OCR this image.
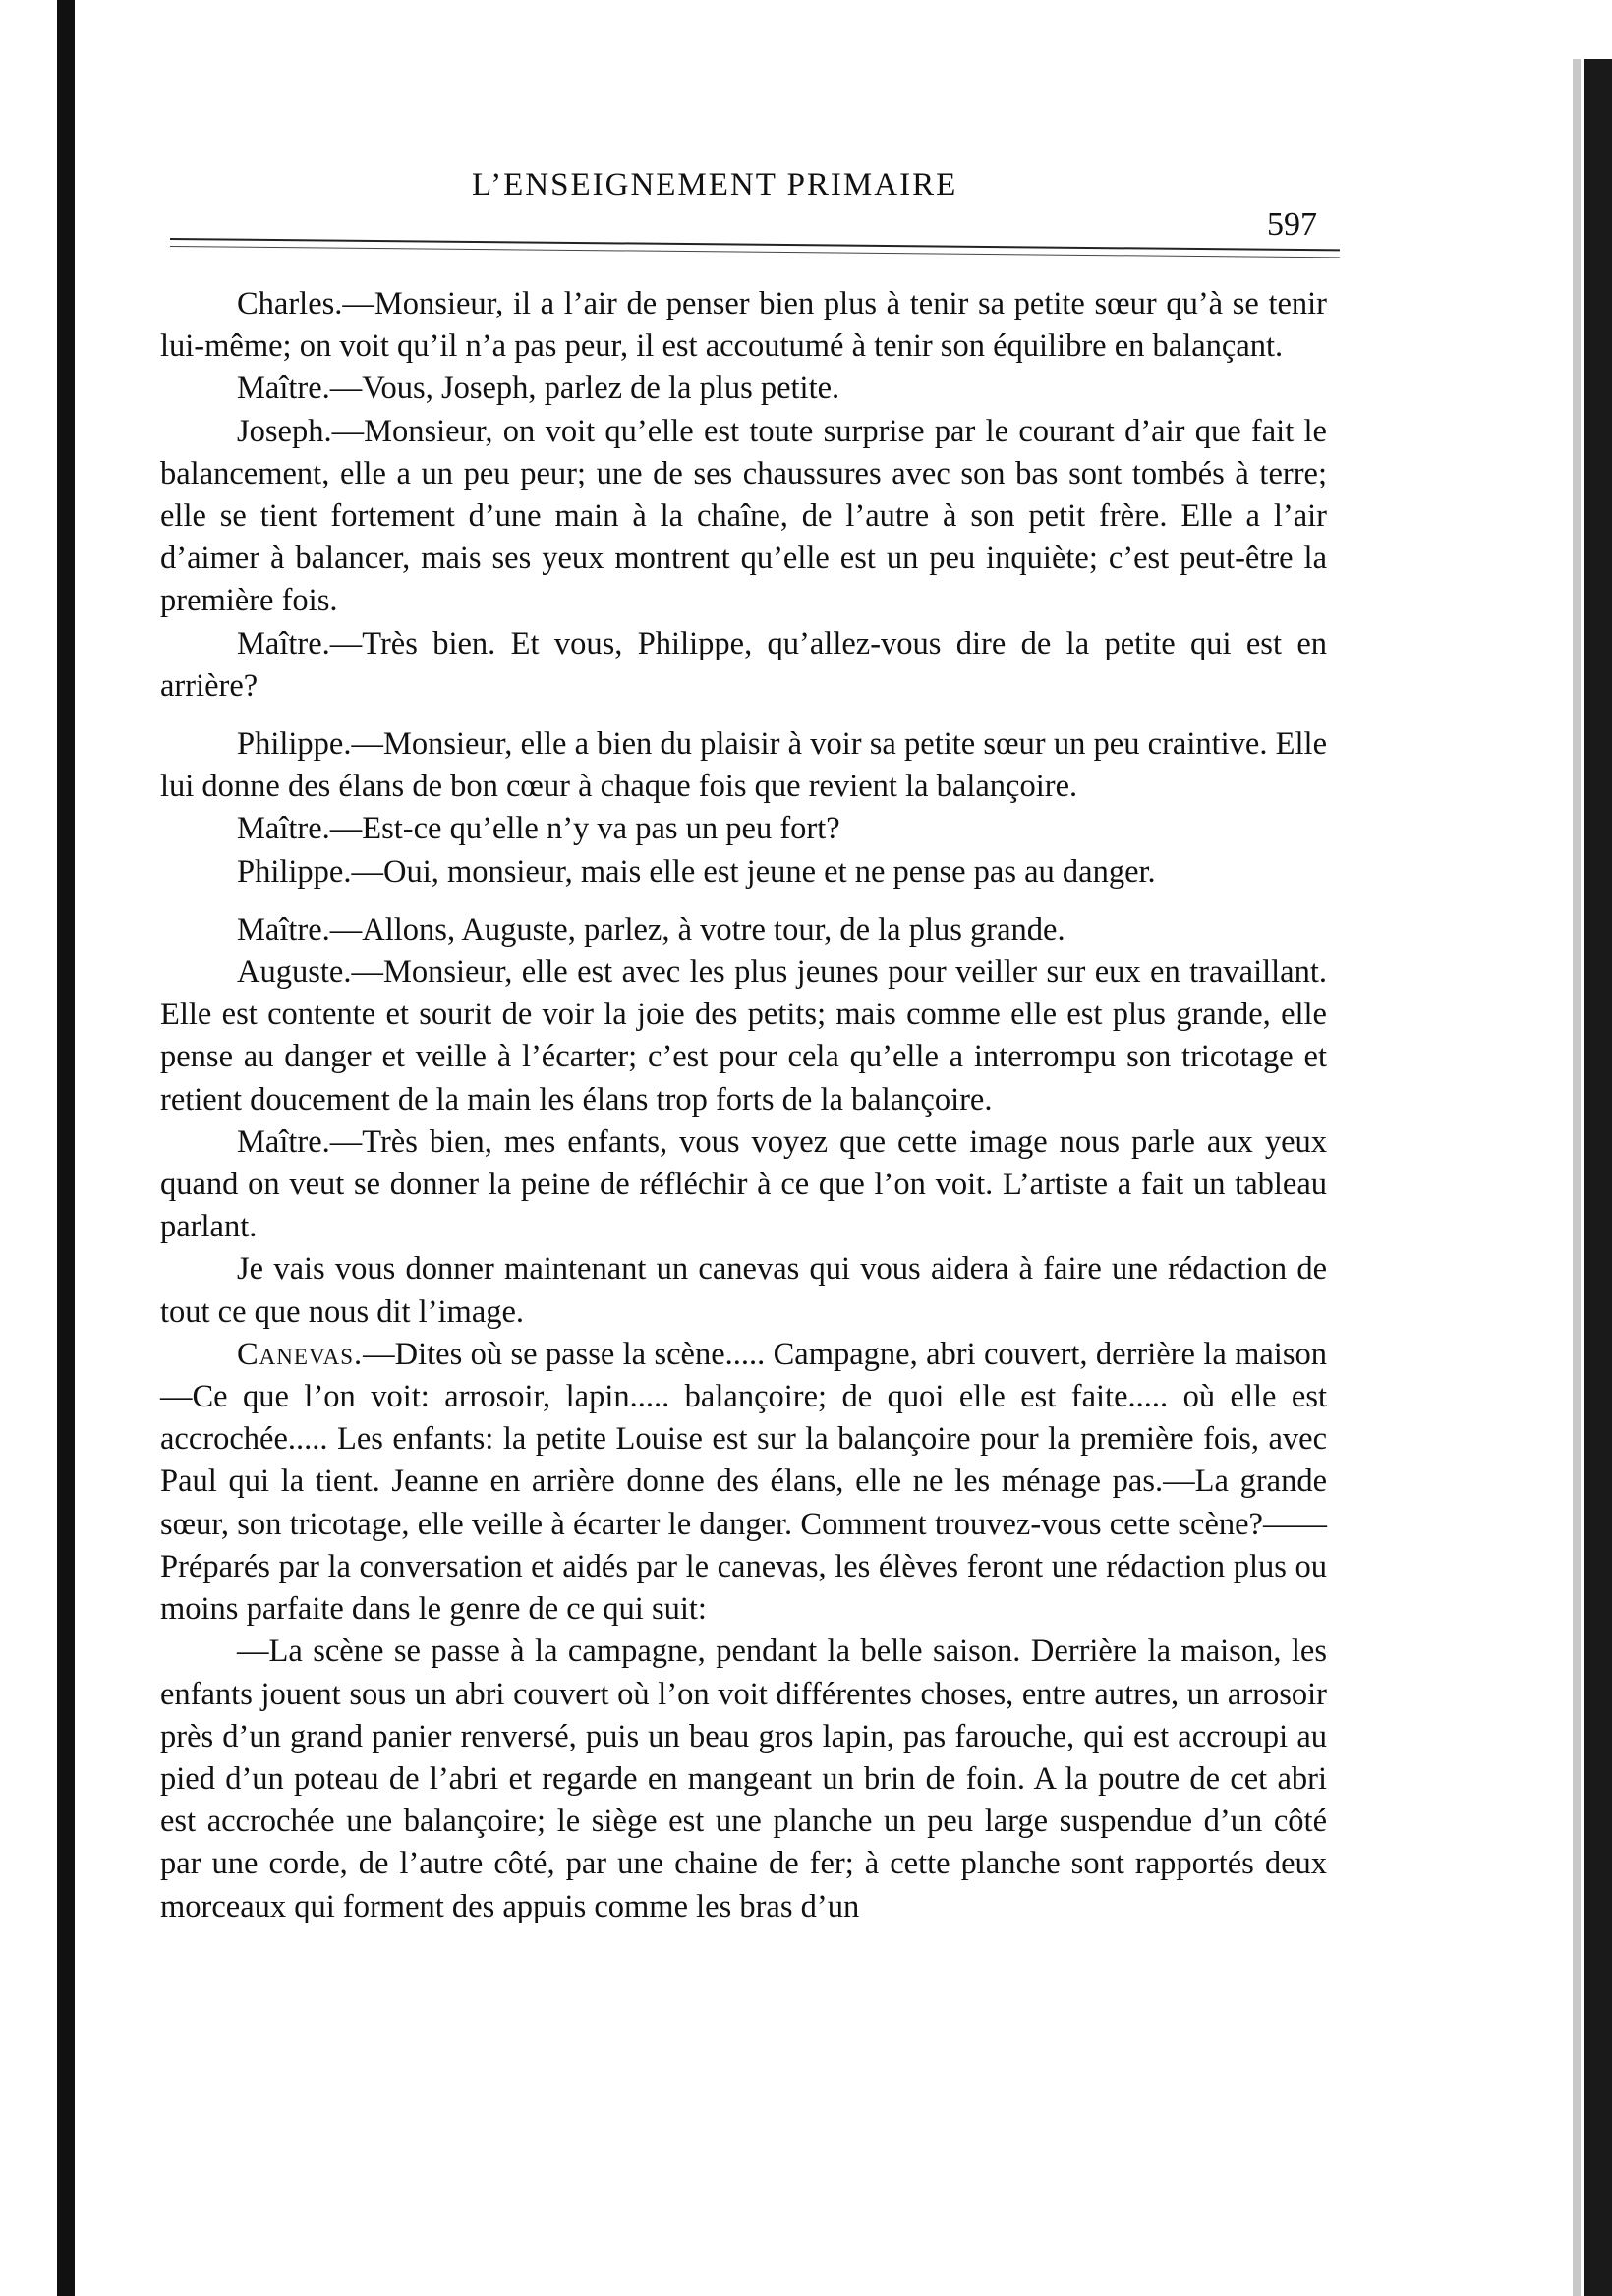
L’ENSEIGNEMENT PRIMAIRE
597

Charles.—Monsieur, il a l’air de penser bien plus à tenir sa petite sœur qu’à se tenir lui-même; on voit qu’il n’a pas peur, il est accoutumé à tenir son équilibre en balançant.

Maître.—Vous, Joseph, parlez de la plus petite.

Joseph.—Monsieur, on voit qu’elle est toute surprise par le courant d’air que fait le balancement, elle a un peu peur; une de ses chaussures avec son bas sont tombés à terre; elle se tient fortement d’une main à la chaîne, de l’autre à son petit frère. Elle a l’air d’aimer à balancer, mais ses yeux montrent qu’elle est un peu inquiète; c’est peut-être la première fois.

Maître.—Très bien. Et vous, Philippe, qu’allez-vous dire de la petite qui est en arrière?

Philippe.—Monsieur, elle a bien du plaisir à voir sa petite sœur un peu craintive. Elle lui donne des élans de bon cœur à chaque fois que revient la balançoire.

Maître.—Est-ce qu’elle n’y va pas un peu fort?

Philippe.—Oui, monsieur, mais elle est jeune et ne pense pas au danger.

Maître.—Allons, Auguste, parlez, à votre tour, de la plus grande.

Auguste.—Monsieur, elle est avec les plus jeunes pour veiller sur eux en travaillant. Elle est contente et sourit de voir la joie des petits; mais comme elle est plus grande, elle pense au danger et veille à l’écarter; c’est pour cela qu’elle a interrompu son tricotage et retient doucement de la main les élans trop forts de la balançoire.

Maître.—Très bien, mes enfants, vous voyez que cette image nous parle aux yeux quand on veut se donner la peine de réfléchir à ce que l’on voit. L’artiste a fait un tableau parlant.

Je vais vous donner maintenant un canevas qui vous aidera à faire une rédaction de tout ce que nous dit l’image.

Canevas.—Dites où se passe la scène..... Campagne, abri couvert, derrière la maison—Ce que l’on voit: arrosoir, lapin..... balançoire; de quoi elle est faite..... où elle est accrochée..... Les enfants: la petite Louise est sur la balançoire pour la première fois, avec Paul qui la tient. Jeanne en arrière donne des élans, elle ne les ménage pas.—La grande sœur, son tricotage, elle veille à écarter le danger. Comment trouvez-vous cette scène?——Préparés par la conversation et aidés par le canevas, les élèves feront une rédaction plus ou moins parfaite dans le genre de ce qui suit:

—La scène se passe à la campagne, pendant la belle saison. Derrière la maison, les enfants jouent sous un abri couvert où l’on voit différentes choses, entre autres, un arrosoir près d’un grand panier renversé, puis un beau gros lapin, pas farouche, qui est accroupi au pied d’un poteau de l’abri et regarde en mangeant un brin de foin. A la poutre de cet abri est accrochée une balançoire; le siège est une planche un peu large suspendue d’un côté par une corde, de l’autre côté, par une chaine de fer; à cette planche sont rapportés deux morceaux qui forment des appuis comme les bras d’un
